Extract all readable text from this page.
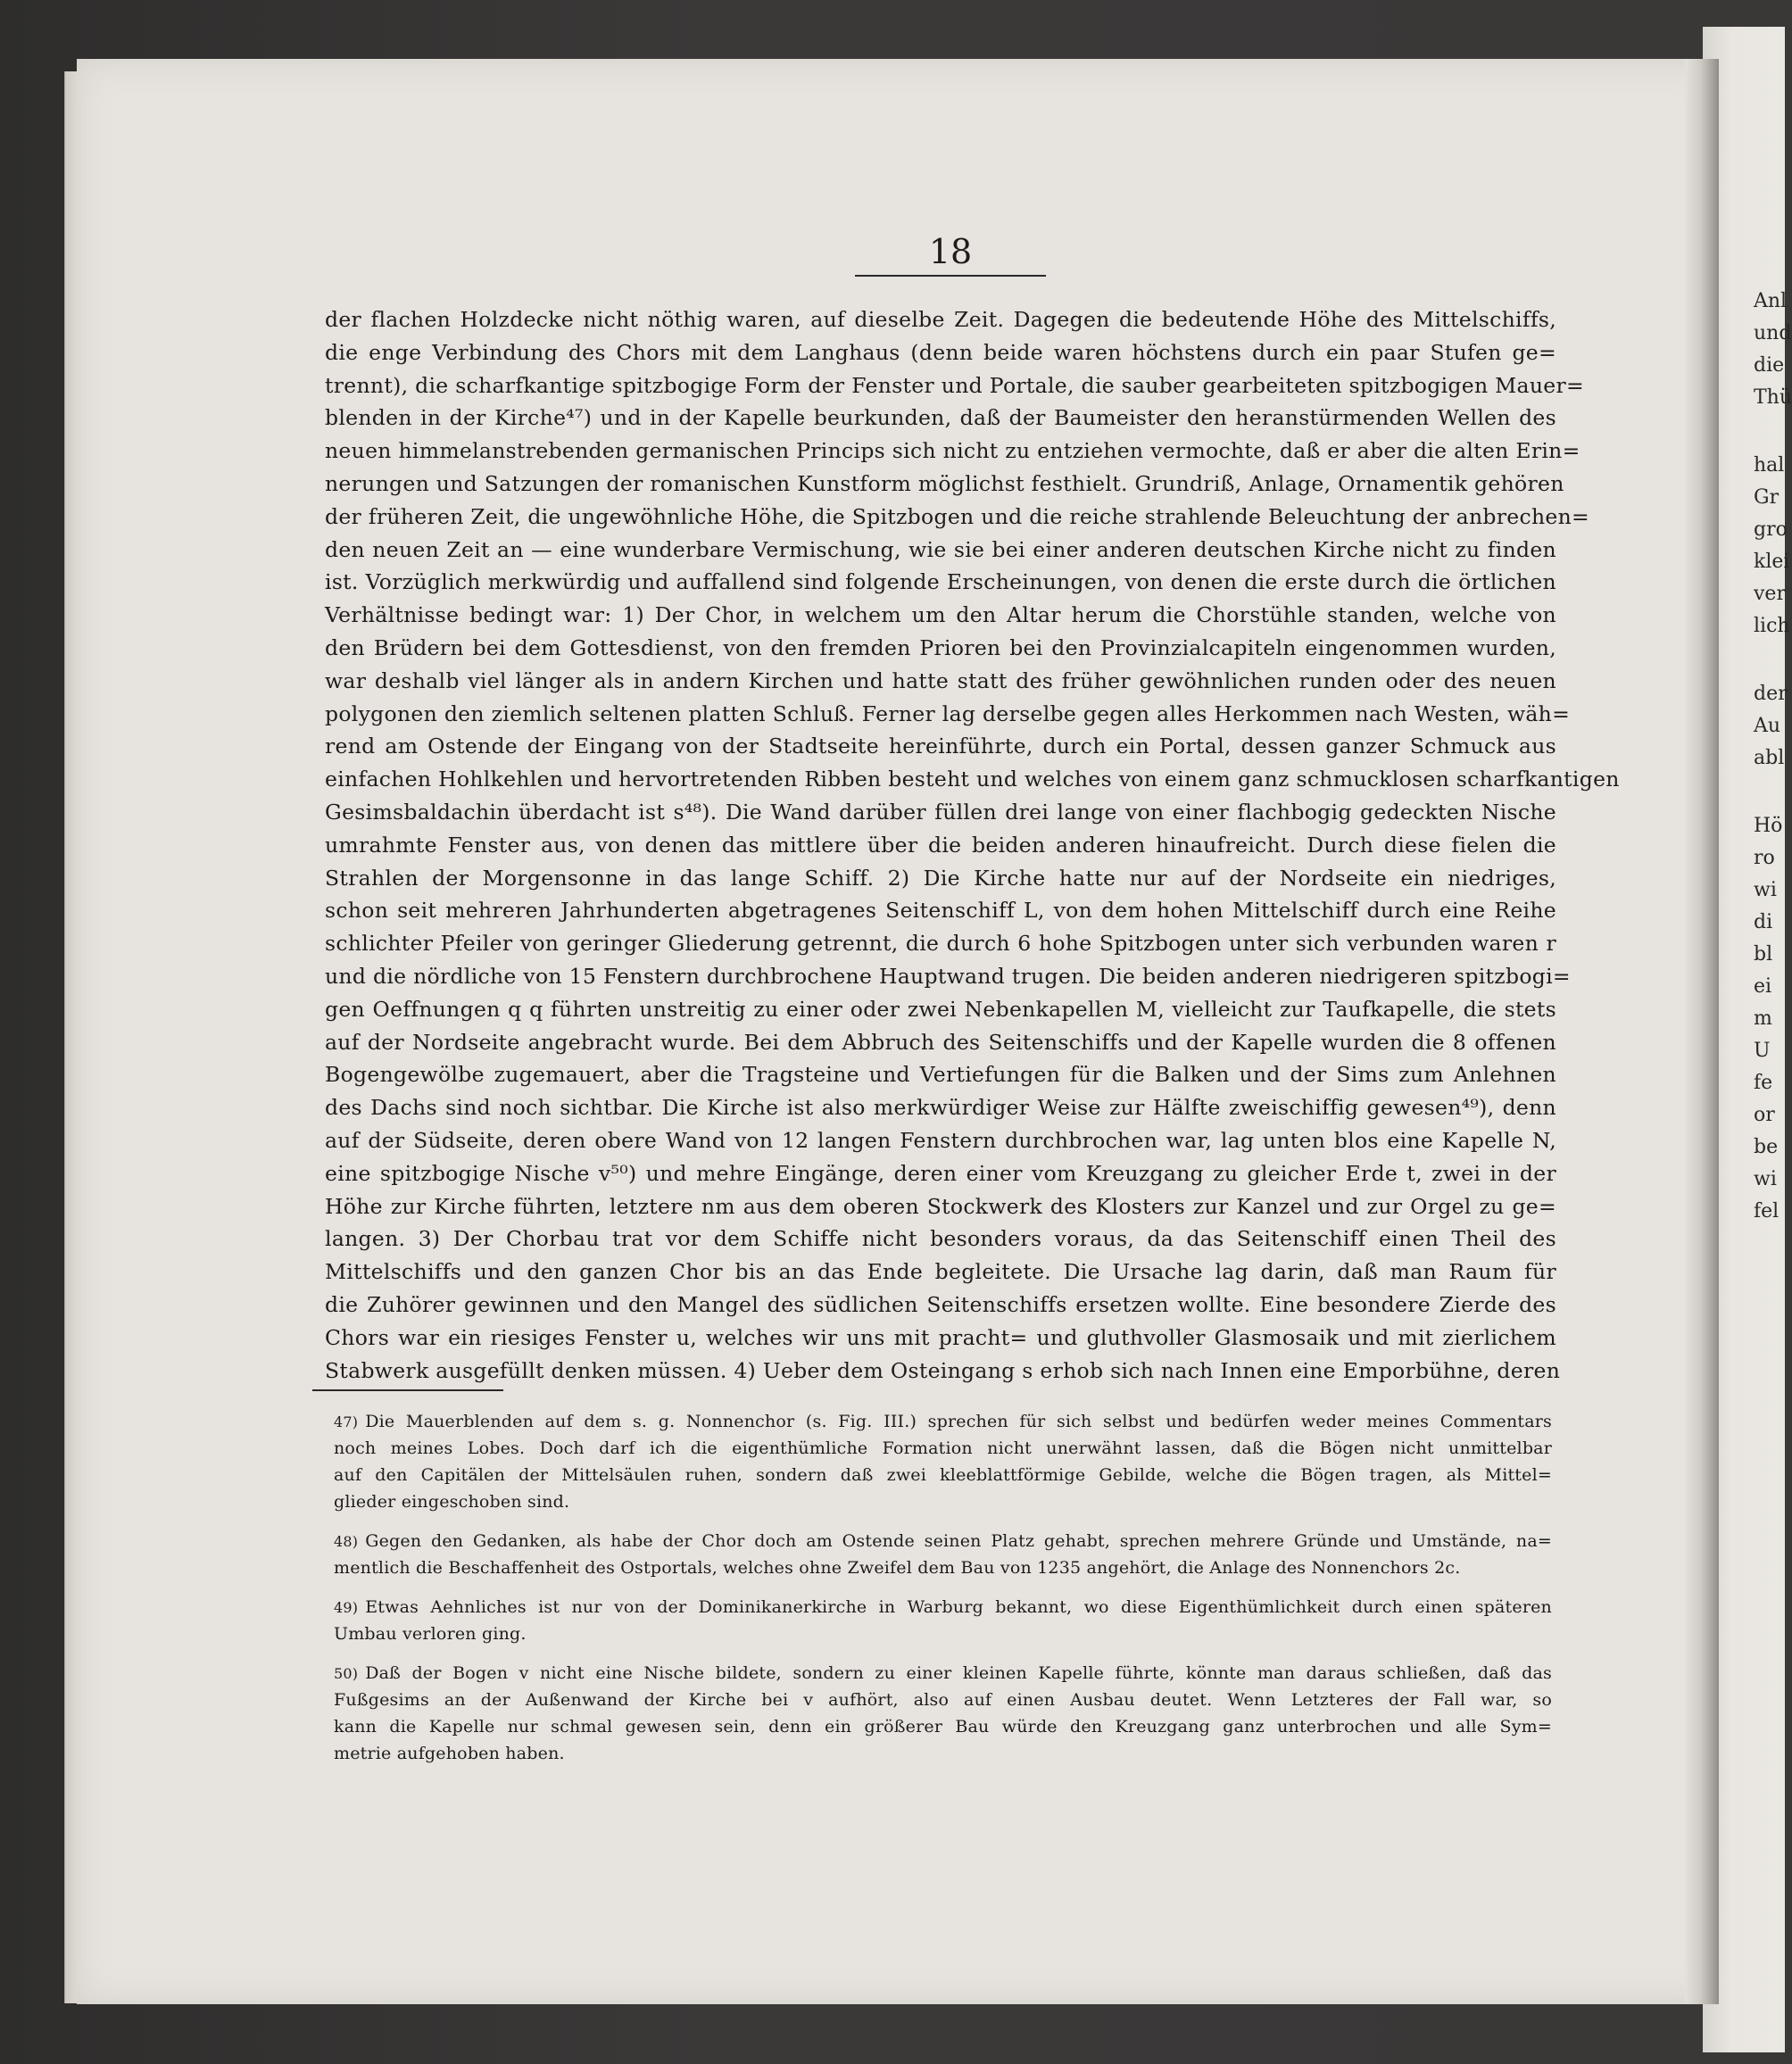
Anl
und
die
Thü
hal
Gr
gro
klei
ver
lich
der
Au
abl
Hö
ro
wi
di
bl
ei
m
U
fe
or
be
wi
fel
18
der flachen Holzdecke nicht nöthig waren, auf dieselbe Zeit. Dagegen die bedeutende Höhe des Mittelschiffs,
die enge Verbindung des Chors mit dem Langhaus (denn beide waren höchstens durch ein paar Stufen ge=
trennt), die scharfkantige spitzbogige Form der Fenster und Portale, die sauber gearbeiteten spitzbogigen Mauer=
blenden in der Kirche⁴⁷) und in der Kapelle beurkunden, daß der Baumeister den heranstürmenden Wellen des
neuen himmelanstrebenden germanischen Princips sich nicht zu entziehen vermochte, daß er aber die alten Erin=
nerungen und Satzungen der romanischen Kunstform möglichst festhielt. Grundriß, Anlage, Ornamentik gehören
der früheren Zeit, die ungewöhnliche Höhe, die Spitzbogen und die reiche strahlende Beleuchtung der anbrechen=
den neuen Zeit an — eine wunderbare Vermischung, wie sie bei einer anderen deutschen Kirche nicht zu finden
ist. Vorzüglich merkwürdig und auffallend sind folgende Erscheinungen, von denen die erste durch die örtlichen
Verhältnisse bedingt war: 1) Der Chor, in welchem um den Altar herum die Chorstühle standen, welche von
den Brüdern bei dem Gottesdienst, von den fremden Prioren bei den Provinzialcapiteln eingenommen wurden,
war deshalb viel länger als in andern Kirchen und hatte statt des früher gewöhnlichen runden oder des neuen
polygonen den ziemlich seltenen platten Schluß. Ferner lag derselbe gegen alles Herkommen nach Westen, wäh=
rend am Ostende der Eingang von der Stadtseite hereinführte, durch ein Portal, dessen ganzer Schmuck aus
einfachen Hohlkehlen und hervortretenden Ribben besteht und welches von einem ganz schmucklosen scharfkantigen
Gesimsbaldachin überdacht ist s⁴⁸). Die Wand darüber füllen drei lange von einer flachbogig gedeckten Nische
umrahmte Fenster aus, von denen das mittlere über die beiden anderen hinaufreicht. Durch diese fielen die
Strahlen der Morgensonne in das lange Schiff. 2) Die Kirche hatte nur auf der Nordseite ein niedriges,
schon seit mehreren Jahrhunderten abgetragenes Seitenschiff L, von dem hohen Mittelschiff durch eine Reihe
schlichter Pfeiler von geringer Gliederung getrennt, die durch 6 hohe Spitzbogen unter sich verbunden waren r
und die nördliche von 15 Fenstern durchbrochene Hauptwand trugen. Die beiden anderen niedrigeren spitzbogi=
gen Oeffnungen q q führten unstreitig zu einer oder zwei Nebenkapellen M, vielleicht zur Taufkapelle, die stets
auf der Nordseite angebracht wurde. Bei dem Abbruch des Seitenschiffs und der Kapelle wurden die 8 offenen
Bogengewölbe zugemauert, aber die Tragsteine und Vertiefungen für die Balken und der Sims zum Anlehnen
des Dachs sind noch sichtbar. Die Kirche ist also merkwürdiger Weise zur Hälfte zweischiffig gewesen⁴⁹), denn
auf der Südseite, deren obere Wand von 12 langen Fenstern durchbrochen war, lag unten blos eine Kapelle N,
eine spitzbogige Nische v⁵⁰) und mehre Eingänge, deren einer vom Kreuzgang zu gleicher Erde t, zwei in der
Höhe zur Kirche führten, letztere nm aus dem oberen Stockwerk des Klosters zur Kanzel und zur Orgel zu ge=
langen. 3) Der Chorbau trat vor dem Schiffe nicht besonders voraus, da das Seitenschiff einen Theil des
Mittelschiffs und den ganzen Chor bis an das Ende begleitete. Die Ursache lag darin, daß man Raum für
die Zuhörer gewinnen und den Mangel des südlichen Seitenschiffs ersetzen wollte. Eine besondere Zierde des
Chors war ein riesiges Fenster u, welches wir uns mit pracht= und gluthvoller Glasmosaik und mit zierlichem
Stabwerk ausgefüllt denken müssen. 4) Ueber dem Osteingang s erhob sich nach Innen eine Emporbühne, deren
47) Die Mauerblenden auf dem s. g. Nonnenchor (s. Fig. III.) sprechen für sich selbst und bedürfen weder meines Commentars
noch meines Lobes. Doch darf ich die eigenthümliche Formation nicht unerwähnt lassen, daß die Bögen nicht unmittelbar
auf den Capitälen der Mittelsäulen ruhen, sondern daß zwei kleeblattförmige Gebilde, welche die Bögen tragen, als Mittel=
glieder eingeschoben sind.
48) Gegen den Gedanken, als habe der Chor doch am Ostende seinen Platz gehabt, sprechen mehrere Gründe und Umstände, na=
mentlich die Beschaffenheit des Ostportals, welches ohne Zweifel dem Bau von 1235 angehört, die Anlage des Nonnenchors 2c.
49) Etwas Aehnliches ist nur von der Dominikanerkirche in Warburg bekannt, wo diese Eigenthümlichkeit durch einen späteren
Umbau verloren ging.
50) Daß der Bogen v nicht eine Nische bildete, sondern zu einer kleinen Kapelle führte, könnte man daraus schließen, daß das
Fußgesims an der Außenwand der Kirche bei v aufhört, also auf einen Ausbau deutet. Wenn Letzteres der Fall war, so
kann die Kapelle nur schmal gewesen sein, denn ein größerer Bau würde den Kreuzgang ganz unterbrochen und alle Sym=
metrie aufgehoben haben.
